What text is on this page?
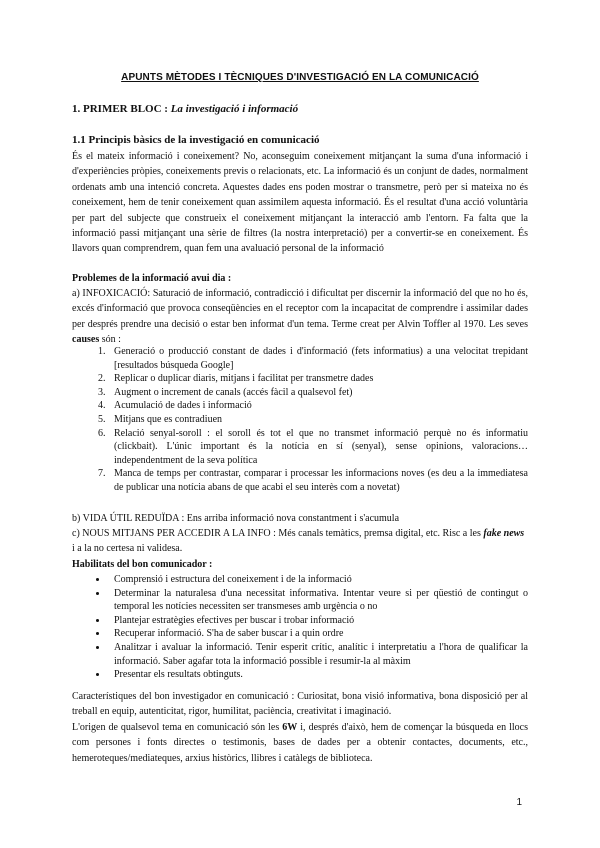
APUNTS MÈTODES I TÈCNIQUES D'INVESTIGACIÓ EN LA COMUNICACIÓ
1. PRIMER BLOC : La investigació i informació
1.1 Principis bàsics de la investigació en comunicació
És el mateix informació i coneixement? No, aconseguim coneixement mitjançant la suma d'una informació i d'experiències pròpies, coneixements previs o relacionats, etc. La informació és un conjunt de dades, normalment ordenats amb una intenció concreta. Aquestes dades ens poden mostrar o transmetre, però per si mateixa no és coneixement, hem de tenir coneixement quan assimilem aquesta informació. És el resultat d'una acció voluntària per part del subjecte que construeix el coneixement mitjançant la interacció amb l'entorn. Fa falta que la informació passi mitjançant una sèrie de filtres (la nostra interpretació) per a convertir-se en coneixement. És llavors quan comprendrem, quan fem una avaluació personal de la informació
Problemes de la informació avui dia :
a) INFOXICACIÓ: Saturació de informació, contradicció i dificultat per discernir la informació del que no ho és, excés d'informació que provoca conseqüències en el receptor com la incapacitat de comprendre i assimilar dades per després prendre una decisió o estar ben informat d'un tema. Terme creat per Alvin Toffler al 1970. Les seves causes són :
1. Generació o producció constant de dades i d'informació (fets informatius) a una velocitat trepidant [resultados búsqueda Google]
2. Replicar o duplicar diaris, mitjans i facilitat per transmetre dades
3. Augment o increment de canals (accés fàcil a qualsevol fet)
4. Acumulació de dades i informació
5. Mitjans que es contradiuen
6. Relació senyal-soroll : el soroll és tot el que no transmet informació perquè no és informatiu (clickbait). L'únic important és la notícia en sí (senyal), sense opinions, valoracions… independentment de la seva política
7. Manca de temps per contrastar, comparar i processar les informacions noves (es deu a la immediatesa de publicar una notícia abans de que acabi el seu interès com a novetat)
b) VIDA ÚTIL REDUÏDA : Ens arriba informació nova constantment i s'acumula
c) NOUS MITJANS PER ACCEDIR A LA INFO : Més canals temàtics, premsa digital, etc. Risc a les fake news i a la no certesa ni validesa.
Habilitats del bon comunicador :
• Comprensió i estructura del coneixement i de la informació
• Determinar la naturalesa d'una necessitat informativa. Intentar veure si per qüestió de contingut o temporal les notícies necessiten ser transmeses amb urgència o no
• Plantejar estratègies efectives per buscar i trobar informació
• Recuperar informació. S'ha de saber buscar i a quin ordre
• Analitzar i avaluar la informació. Tenir esperit crític, analític i interpretatiu a l'hora de qualificar la informació. Saber agafar tota la informació possible i resumir-la al màxim
• Presentar els resultats obtinguts.
Característiques del bon investigador en comunicació : Curiositat, bona visió informativa, bona disposició per al treball en equip, autenticitat, rigor, humilitat, paciència, creativitat i imaginació.
L'origen de qualsevol tema en comunicació són les 6W i, després d'això, hem de començar la búsqueda en llocs com persones i fonts directes o testimonis, bases de dades per a obtenir contactes, documents, etc., hemeroteques/mediateques, arxius històrics, llibres i catàlegs de biblioteca.
1
